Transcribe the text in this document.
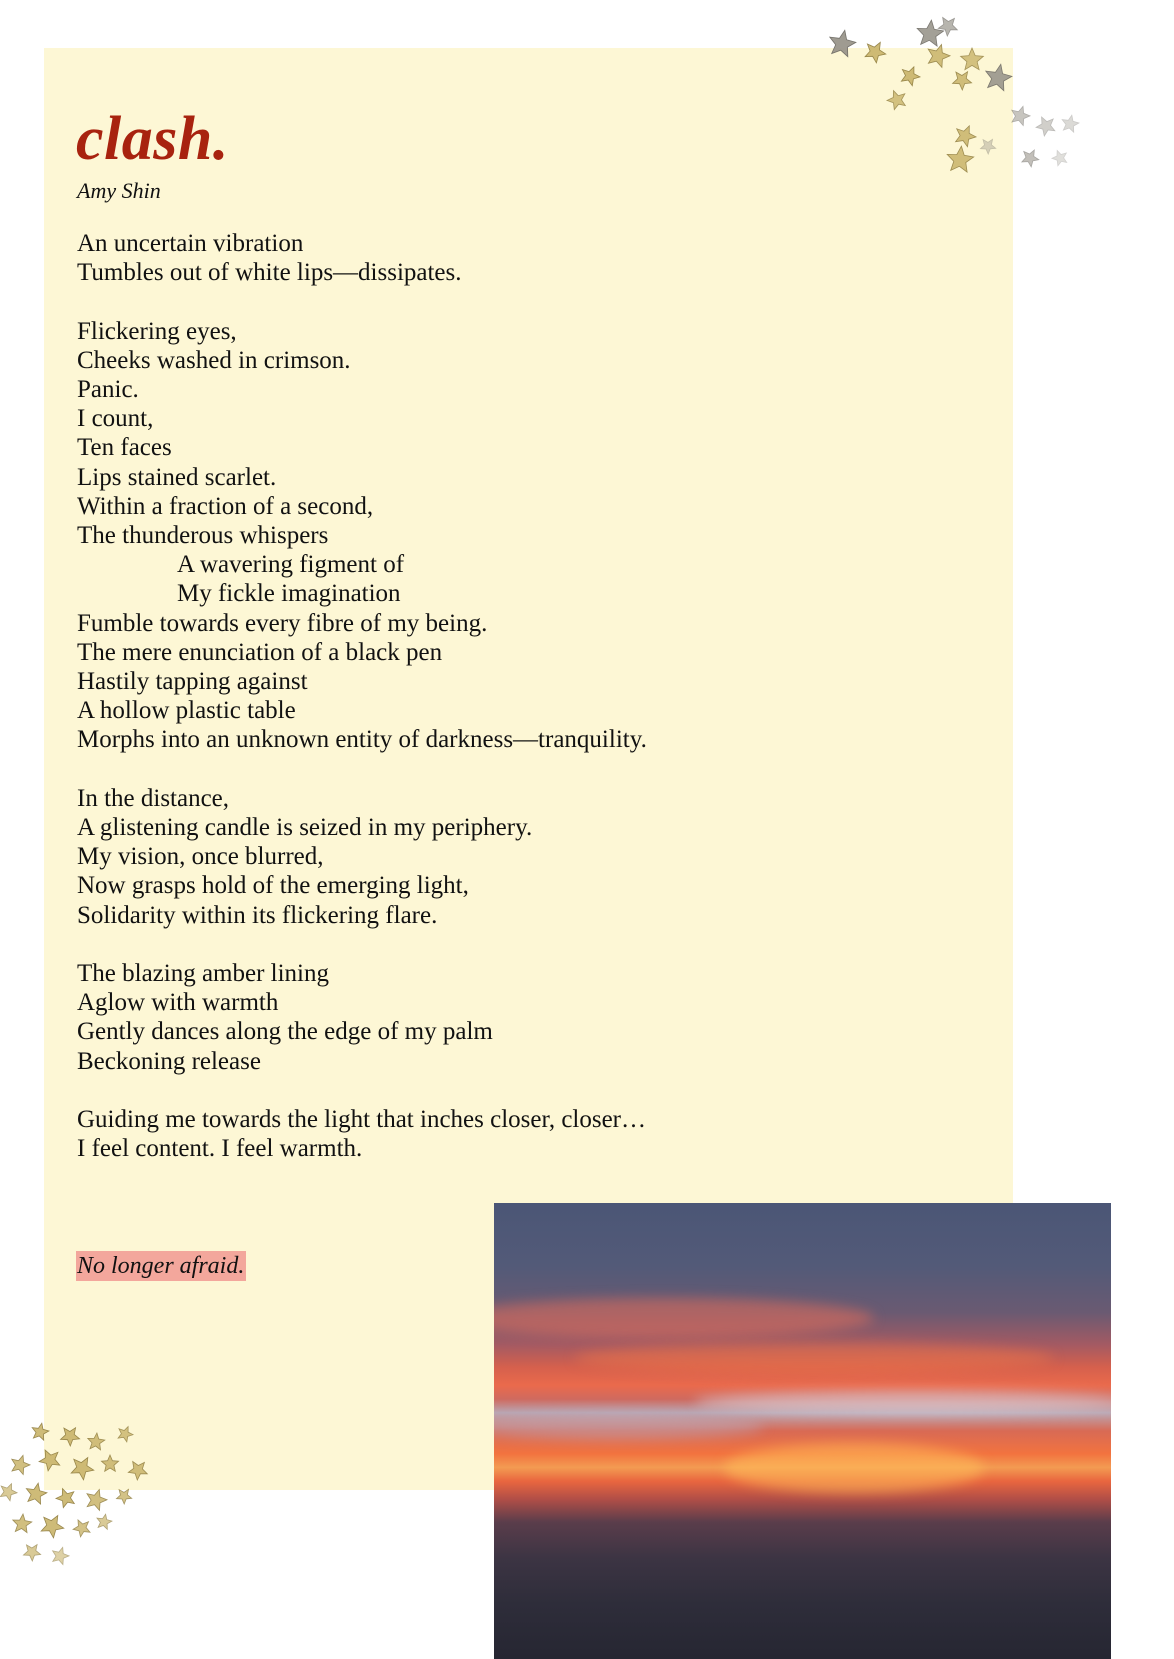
clash.
Amy Shin
An uncertain vibration
Tumbles out of white lips—dissipates.
Flickering eyes,
Cheeks washed in crimson.
Panic.
I count,
Ten faces
Lips stained scarlet.
Within a fraction of a second,
The thunderous whispers
A wavering figment of
My fickle imagination
Fumble towards every fibre of my being.
The mere enunciation of a black pen
Hastily tapping against
A hollow plastic table
Morphs into an unknown entity of darkness—tranquility.
In the distance,
A glistening candle is seized in my periphery.
My vision, once blurred,
Now grasps hold of the emerging light,
Solidarity within its flickering flare.
The blazing amber lining
Aglow with warmth
Gently dances along the edge of my palm
Beckoning release
Guiding me towards the light that inches closer, closer…
I feel content. I feel warmth.
No longer afraid.
